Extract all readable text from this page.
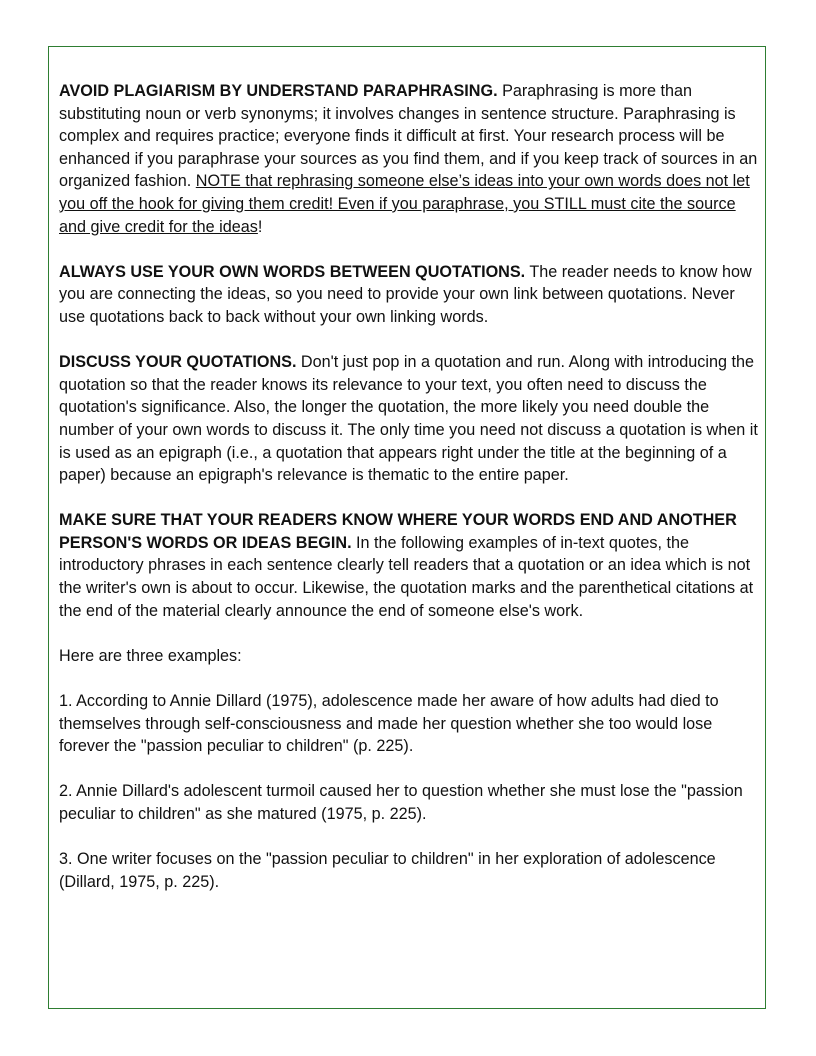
AVOID PLAGIARISM BY UNDERSTAND PARAPHRASING. Paraphrasing is more than substituting noun or verb synonyms; it involves changes in sentence structure. Paraphrasing is complex and requires practice; everyone finds it difficult at first. Your research process will be enhanced if you paraphrase your sources as you find them, and if you keep track of sources in an organized fashion. NOTE that rephrasing someone else’s ideas into your own words does not let you off the hook for giving them credit! Even if you paraphrase, you STILL must cite the source and give credit for the ideas!

ALWAYS USE YOUR OWN WORDS BETWEEN QUOTATIONS. The reader needs to know how you are connecting the ideas, so you need to provide your own link between quotations. Never use quotations back to back without your own linking words.

DISCUSS YOUR QUOTATIONS. Don't just pop in a quotation and run. Along with introducing the quotation so that the reader knows its relevance to your text, you often need to discuss the quotation's significance. Also, the longer the quotation, the more likely you need double the number of your own words to discuss it. The only time you need not discuss a quotation is when it is used as an epigraph (i.e., a quotation that appears right under the title at the beginning of a paper) because an epigraph's relevance is thematic to the entire paper.

MAKE SURE THAT YOUR READERS KNOW WHERE YOUR WORDS END AND ANOTHER PERSON'S WORDS OR IDEAS BEGIN. In the following examples of in-text quotes, the introductory phrases in each sentence clearly tell readers that a quotation or an idea which is not the writer's own is about to occur. Likewise, the quotation marks and the parenthetical citations at the end of the material clearly announce the end of someone else's work.

Here are three examples:

1. According to Annie Dillard (1975), adolescence made her aware of how adults had died to themselves through self-consciousness and made her question whether she too would lose forever the "passion peculiar to children" (p. 225).

2. Annie Dillard's adolescent turmoil caused her to question whether she must lose the "passion peculiar to children" as she matured (1975, p. 225).

3. One writer focuses on the "passion peculiar to children" in her exploration of adolescence (Dillard, 1975, p. 225).
